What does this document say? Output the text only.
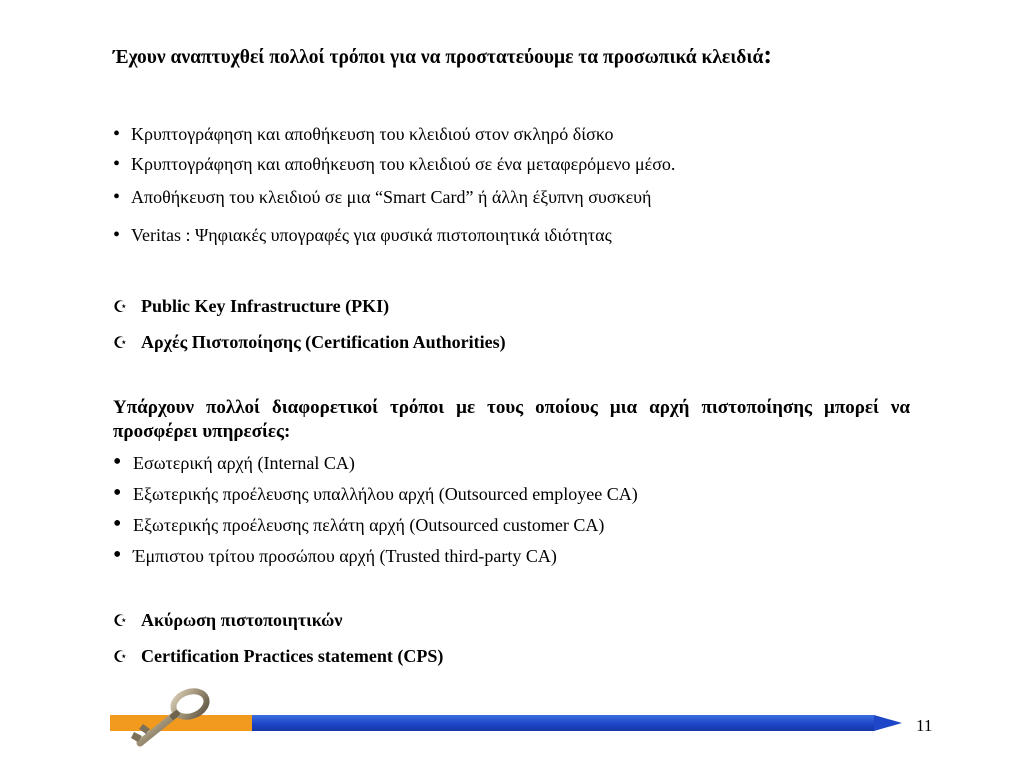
Έχουν αναπτυχθεί πολλοί τρόποι για να προστατεύουμε τα προσωπικά κλειδιά:
• Κρυπτογράφηση και αποθήκευση του κλειδιού στον σκληρό δίσκο
• Κρυπτογράφηση και αποθήκευση του κλειδιού σε ένα μεταφερόμενο μέσο.
• Αποθήκευση του κλειδιού σε μια “Smart Card” ή άλλη έξυπνη συσκευή
• Veritas : Ψηφιακές υπογραφές για φυσικά πιστοποιητικά ιδιότητας
☪ Public Key Infrastructure (PKI)
☪ Αρχές Πιστοποίησης (Certification Authorities)
Υπάρχουν πολλοί διαφορετικοί τρόποι με τους οποίους μια αρχή πιστοποίησης μπορεί να προσφέρει υπηρεσίες:
• Εσωτερική αρχή (Internal CA)
• Εξωτερικής προέλευσης υπαλλήλου αρχή (Outsourced employee CA)
• Εξωτερικής προέλευσης πελάτη αρχή (Outsourced customer CA)
• Έμπιστου τρίτου προσώπου αρχή (Trusted third-party CA)
☪ Ακύρωση πιστοποιητικών
☪ Certification Practices statement (CPS)
11
